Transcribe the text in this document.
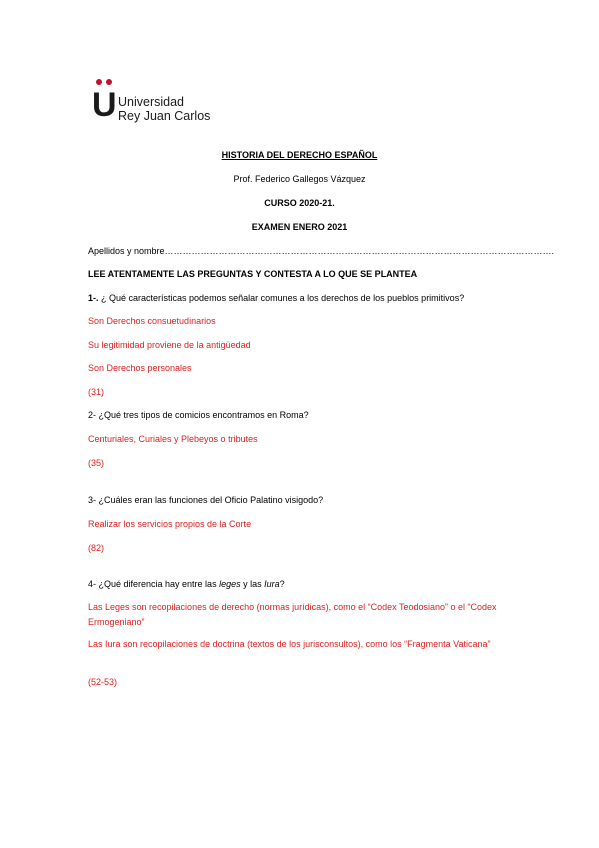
U Universidad
Rey Juan Carlos
HISTORIA DEL DERECHO ESPAÑOL
Prof. Federico Gallegos Vázquez
CURSO 2020-21.
EXAMEN ENERO 2021
Apellidos y nombre………………………………………………………………………………………………………………….
LEE ATENTAMENTE LAS PREGUNTAS Y CONTESTA A LO QUE SE PLANTEA
1-. ¿ Qué características podemos señalar comunes a los derechos de los pueblos primitivos?
Son Derechos consuetudinarios
Su legitimidad proviene de la antigüedad
Son Derechos personales
(31)
2- ¿Qué tres tipos de comicios encontramos en Roma?
Centuriales, Curiales y Plebeyos o tributes
(35)
3- ¿Cuáles eran las funciones del Oficio Palatino visigodo?
Realizar los servicios propios de la Corte
(82)
4- ¿Qué diferencia hay entre las leges y las Iura?
Las Leges son recopilaciones de derecho (normas jurídicas), como el “Codex Teodosiano” o el “Codex Ermogeniano”
Las Iura son recopilaciones de doctrina (textos de los jurisconsultos), como los “Fragmenta Vaticana”
(52-53)
